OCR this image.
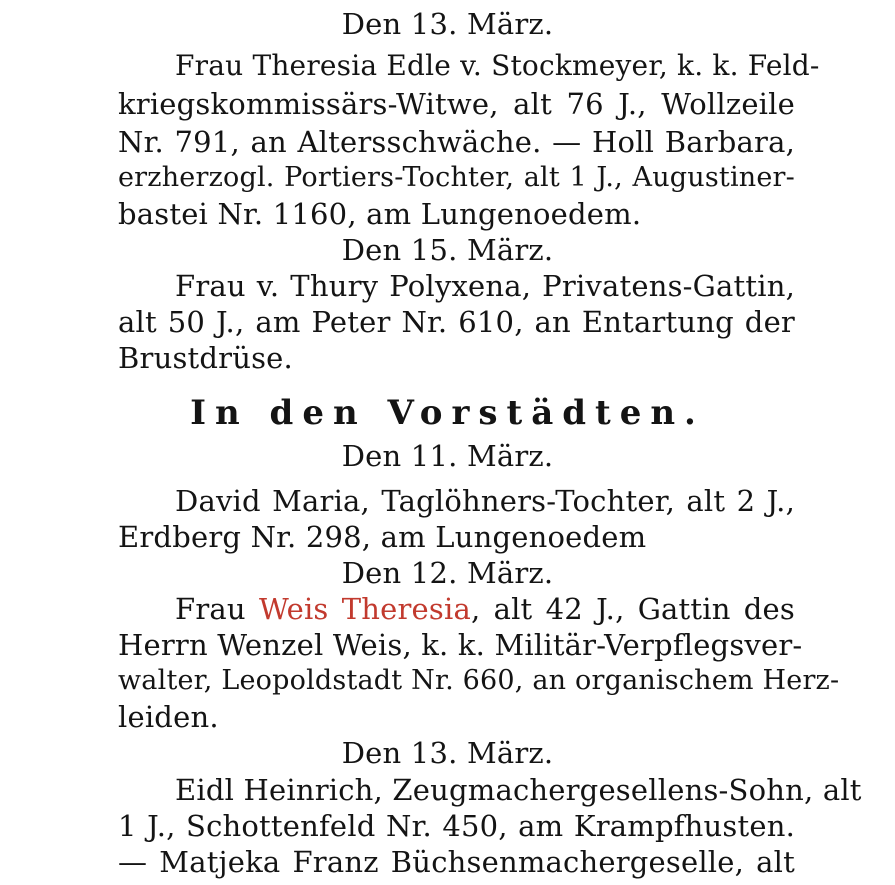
Den 13. März.
Frau Theresia Edle v. Stockmeyer, k. k. Feld-
kriegskommissärs-Witwe, alt 76 J., Wollzeile
Nr. 791, an Altersschwäche. — Holl Barbara,
erzherzogl. Portiers-Tochter, alt 1 J., Augustiner-
bastei Nr. 1160, am Lungenoedem.
Den 15. März.
Frau v. Thury Polyxena, Privatens-Gattin,
alt 50 J., am Peter Nr. 610, an Entartung der
Brustdrüse.
In den Vorstädten.
Den 11. März.
David Maria, Taglöhners-Tochter, alt 2 J.,
Erdberg Nr. 298, am Lungenoedem
Den 12. März.
Frau Weis Theresia, alt 42 J., Gattin des
Herrn Wenzel Weis, k. k. Militär-Verpflegsver-
walter, Leopoldstadt Nr. 660, an organischem Herz-
leiden.
Den 13. März.
Eidl Heinrich, Zeugmachergesellens-Sohn, alt
1 J., Schottenfeld Nr. 450, am Krampfhusten.
— Matjeka Franz Büchsenmachergeselle, alt
